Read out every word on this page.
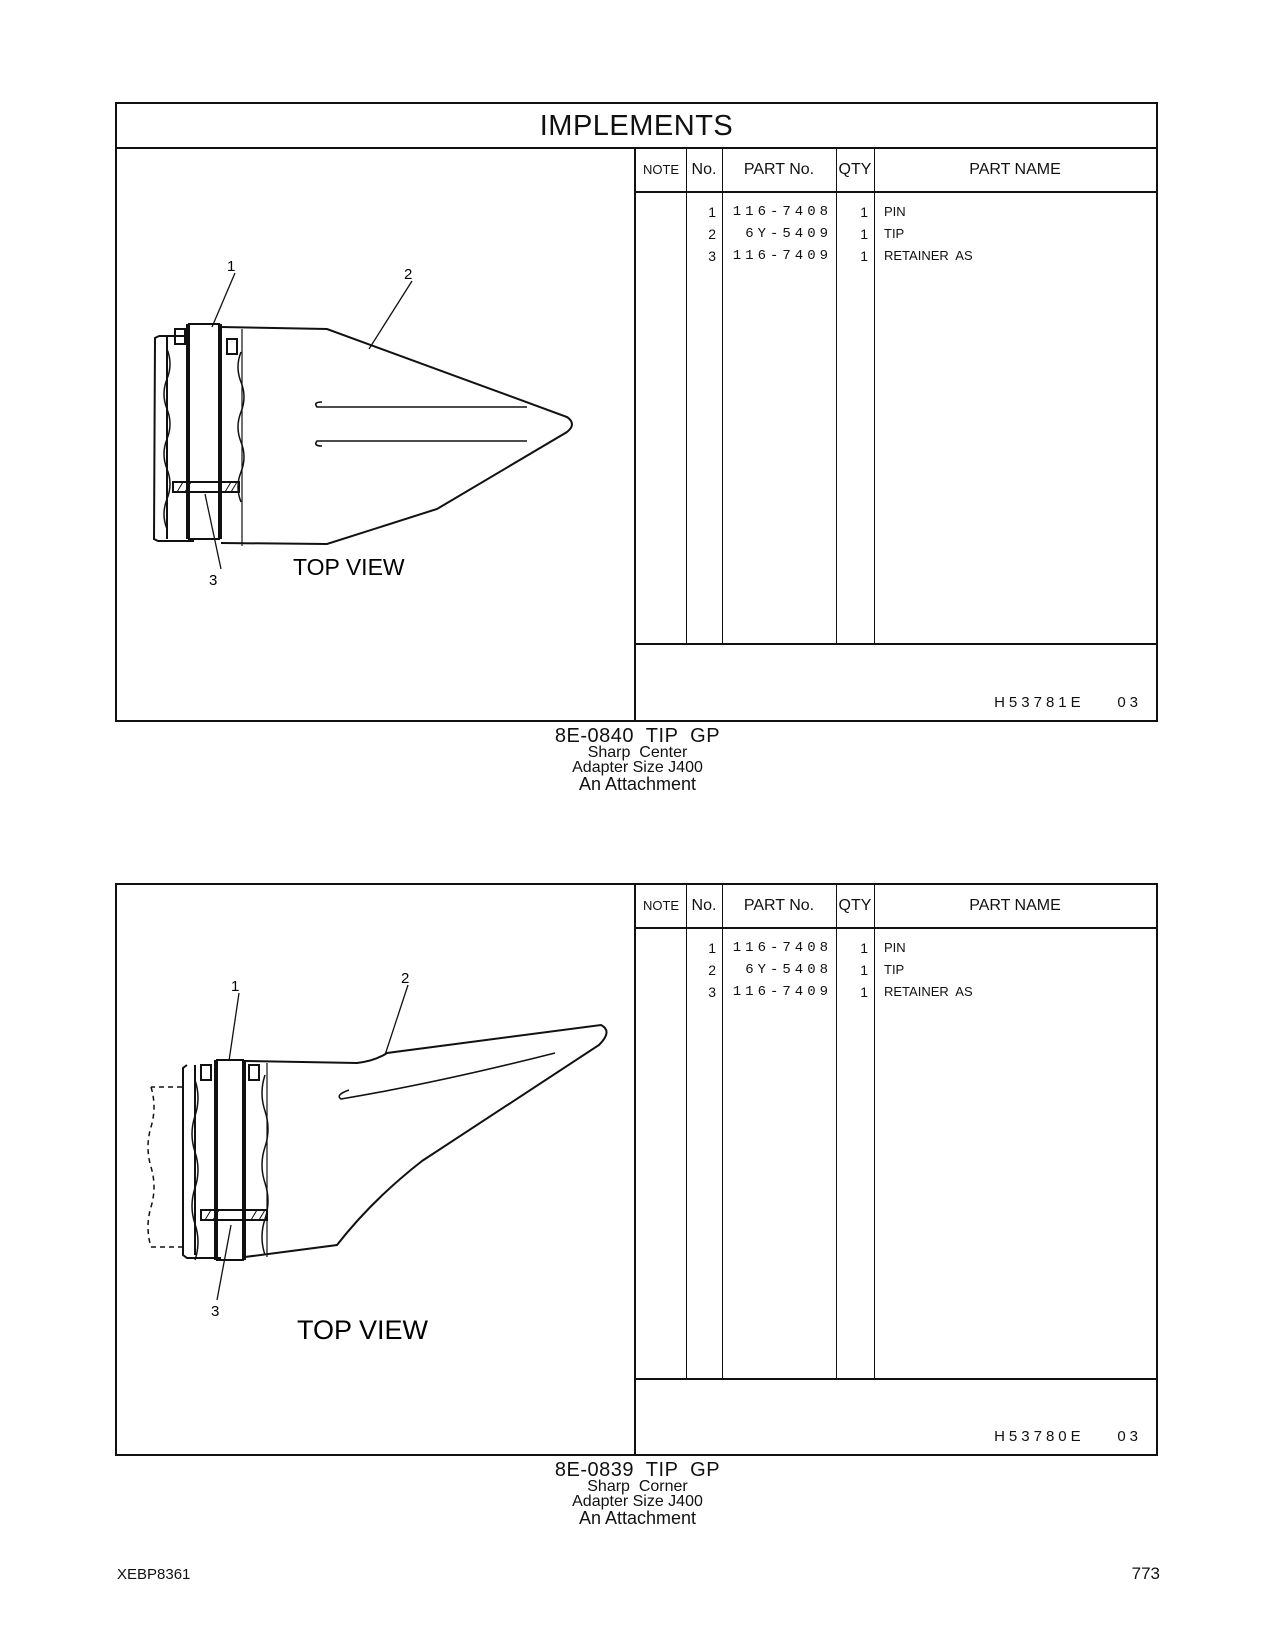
IMPLEMENTS
1	2
3
TOP VIEW
NOTE No.	PART No.	QTY	PART NAME
1	116-7408	1 PIN
2	6Y-5409	1 TIP
3	116-7409	1 RETAINER  AS
H53781E    03
8E-0840  TIP  GP
Sharp  Center
Adapter Size J400
An Attachment
1	2
3
TOP VIEW
NOTE No.	PART No.	QTY	PART NAME
1	116-7408	1 PIN
2	6Y-5408	1 TIP
3	116-7409	1 RETAINER  AS
H53780E    03
8E-0839  TIP  GP
Sharp  Corner
Adapter Size J400
An Attachment
XEBP8361	773
